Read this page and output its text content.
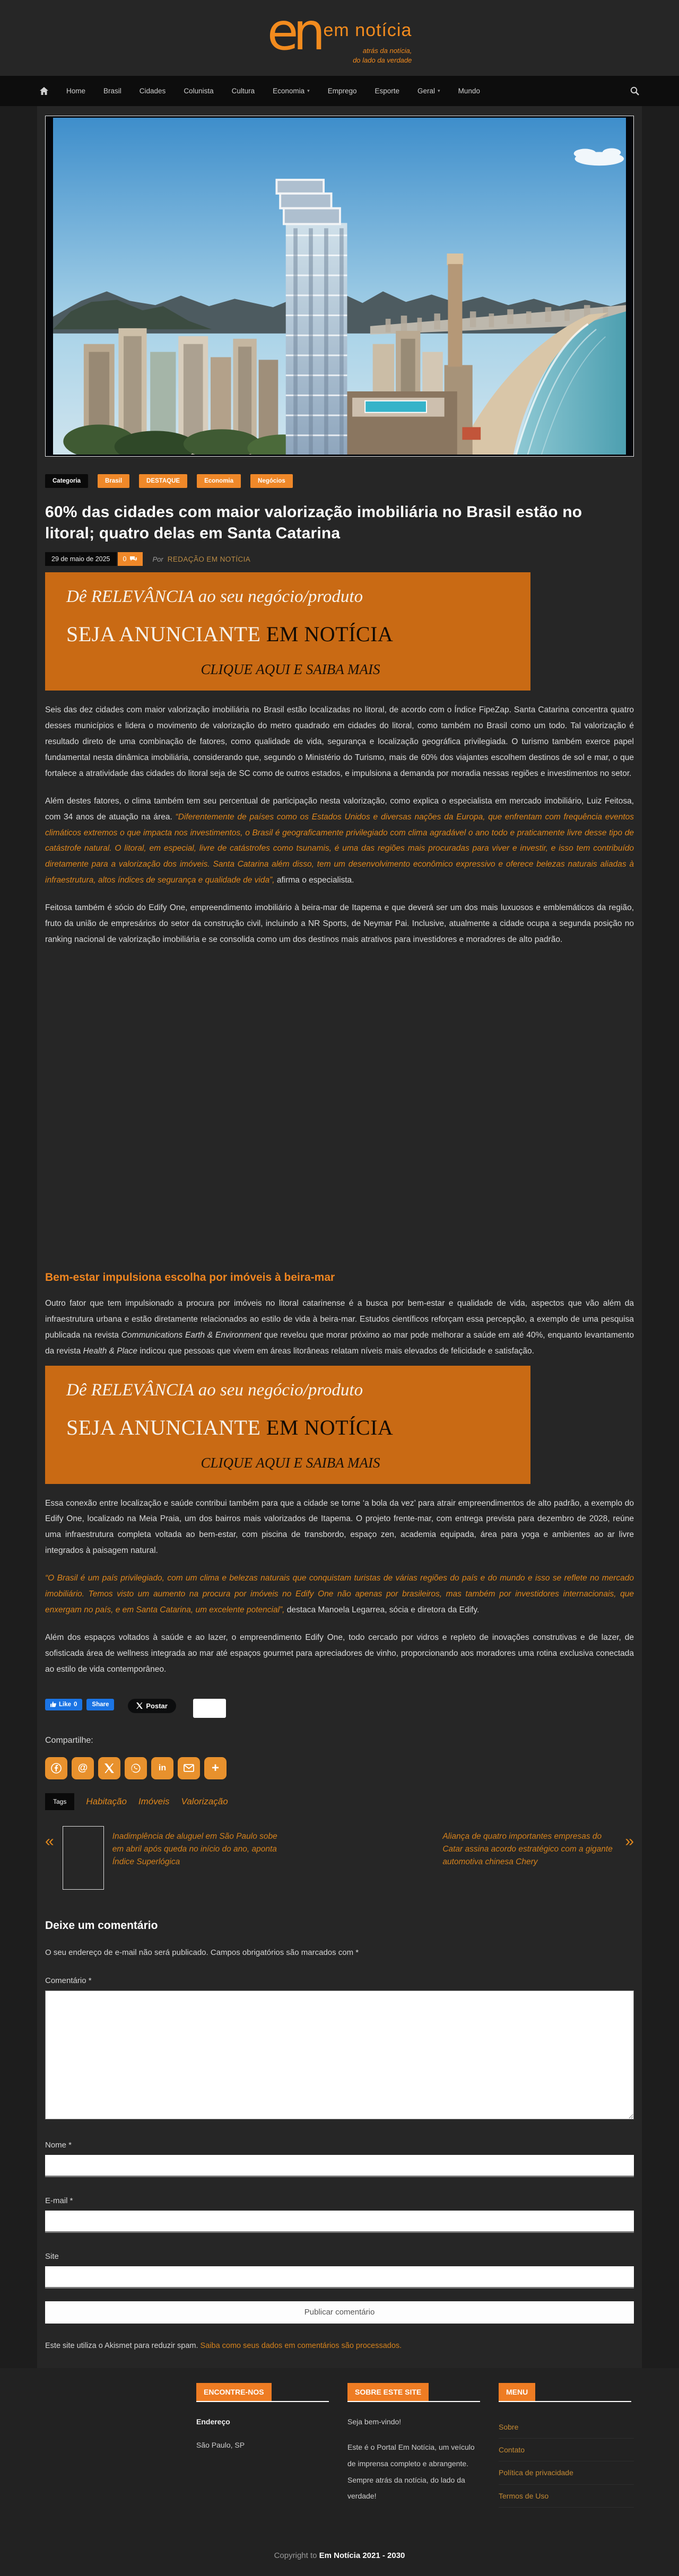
en em notícia
atrás da notícia,
do lado da verdade
Home	Brasil	Cidades	Colunista	Cultura	Economia ▾	Emprego	Esporte	Geral ▾	Mundo
Categoria	Brasil	DESTAQUE	Economia	Negócios
60% das cidades com maior valorização imobiliária no Brasil estão no litoral; quatro delas em Santa Catarina
29 de maio de 2025	0	Por REDAÇÃO EM NOTÍCIA
Dê RELEVÂNCIA ao seu negócio/produto
SEJA ANUNCIANTE EM NOTÍCIA
CLIQUE AQUI E SAIBA MAIS

Seis das dez cidades com maior valorização imobiliária no Brasil estão localizadas no litoral, de acordo com o Índice FipeZap. Santa Catarina concentra quatro desses municípios e lidera o movimento de valorização do metro quadrado em cidades do litoral, como também no Brasil como um todo. Tal valorização é resultado direto de uma combinação de fatores, como qualidade de vida, segurança e localização geográfica privilegiada. O turismo também exerce papel fundamental nesta dinâmica imobiliária, considerando que, segundo o Ministério do Turismo, mais de 60% dos viajantes escolhem destinos de sol e mar, o que fortalece a atratividade das cidades do litoral seja de SC como de outros estados, e impulsiona a demanda por moradia nessas regiões e investimentos no setor.

Além destes fatores, o clima também tem seu percentual de participação nesta valorização, como explica o especialista em mercado imobiliário, Luiz Feitosa, com 34 anos de atuação na área. “Diferentemente de países como os Estados Unidos e diversas nações da Europa, que enfrentam com frequência eventos climáticos extremos o que impacta nos investimentos, o Brasil é geograficamente privilegiado com clima agradável o ano todo e praticamente livre desse tipo de catástrofe natural. O litoral, em especial, livre de catástrofes como tsunamis, é uma das regiões mais procuradas para viver e investir, e isso tem contribuído diretamente para a valorização dos imóveis. Santa Catarina além disso, tem um desenvolvimento econômico expressivo e oferece belezas naturais aliadas à infraestrutura, altos índices de segurança e qualidade de vida”, afirma o especialista.

Feitosa também é sócio do Edify One, empreendimento imobiliário à beira-mar de Itapema e que deverá ser um dos mais luxuosos e emblemáticos da região, fruto da união de empresários do setor da construção civil, incluindo a NR Sports, de Neymar Pai. Inclusive, atualmente a cidade ocupa a segunda posição no ranking nacional de valorização imobiliária e se consolida como um dos destinos mais atrativos para investidores e moradores de alto padrão.

Bem-estar impulsiona escolha por imóveis à beira-mar

Outro fator que tem impulsionado a procura por imóveis no litoral catarinense é a busca por bem-estar e qualidade de vida, aspectos que vão além da infraestrutura urbana e estão diretamente relacionados ao estilo de vida à beira-mar. Estudos científicos reforçam essa percepção, a exemplo de uma pesquisa publicada na revista Communications Earth & Environment que revelou que morar próximo ao mar pode melhorar a saúde em até 40%, enquanto levantamento da revista Health & Place indicou que pessoas que vivem em áreas litorâneas relatam níveis mais elevados de felicidade e satisfação.

Dê RELEVÂNCIA ao seu negócio/produto
SEJA ANUNCIANTE EM NOTÍCIA
CLIQUE AQUI E SAIBA MAIS

Essa conexão entre localização e saúde contribui também para que a cidade se torne ‘a bola da vez’ para atrair empreendimentos de alto padrão, a exemplo do Edify One, localizado na Meia Praia, um dos bairros mais valorizados de Itapema. O projeto frente-mar, com entrega prevista para dezembro de 2028, reúne uma infraestrutura completa voltada ao bem-estar, com piscina de transbordo, espaço zen, academia equipada, área para yoga e ambientes ao ar livre integrados à paisagem natural.

“O Brasil é um país privilegiado, com um clima e belezas naturais que conquistam turistas de várias regiões do país e do mundo e isso se reflete no mercado imobiliário. Temos visto um aumento na procura por imóveis no Edify One não apenas por brasileiros, mas também por investidores internacionais, que enxergam no país, e em Santa Catarina, um excelente potencial”, destaca Manoela Legarrea, sócia e diretora da Edify.

Além dos espaços voltados à saúde e ao lazer, o empreendimento Edify One, todo cercado por vidros e repleto de inovações construtivas e de lazer, de sofisticada área de wellness integrada ao mar até espaços gourmet para apreciadores de vinho, proporcionando aos moradores uma rotina exclusiva conectada ao estilo de vida contemporâneo.

Like 0 Share	Postar
Compartilhe:
@	in	+
Tags	Habitação Imóveis Valorização
«	Inadimplência de aluguel em São Paulo sobe em abril após queda no início do ano, aponta Índice Superlógica
Aliança de quatro importantes empresas do Catar assina acordo estratégico com a gigante automotiva chinesa Chery
»
Deixe um comentário

O seu endereço de e-mail não será publicado. Campos obrigatórios são marcados com *

Comentário *
Nome *
E-mail *
Site
Publicar comentário

Este site utiliza o Akismet para reduzir spam. Saiba como seus dados em comentários são processados.

ENCONTRE-NOS
Endereço
São Paulo, SP
SOBRE ESTE SITE
Seja bem-vindo!
Este é o Portal Em Notícia, um veículo de imprensa completo e abrangente. Sempre atrás da notícia, do lado da verdade!
MENU
Sobre
Contato
Política de privacidade
Termos de Uso
Copyright to Em Notícia 2021 - 2030
